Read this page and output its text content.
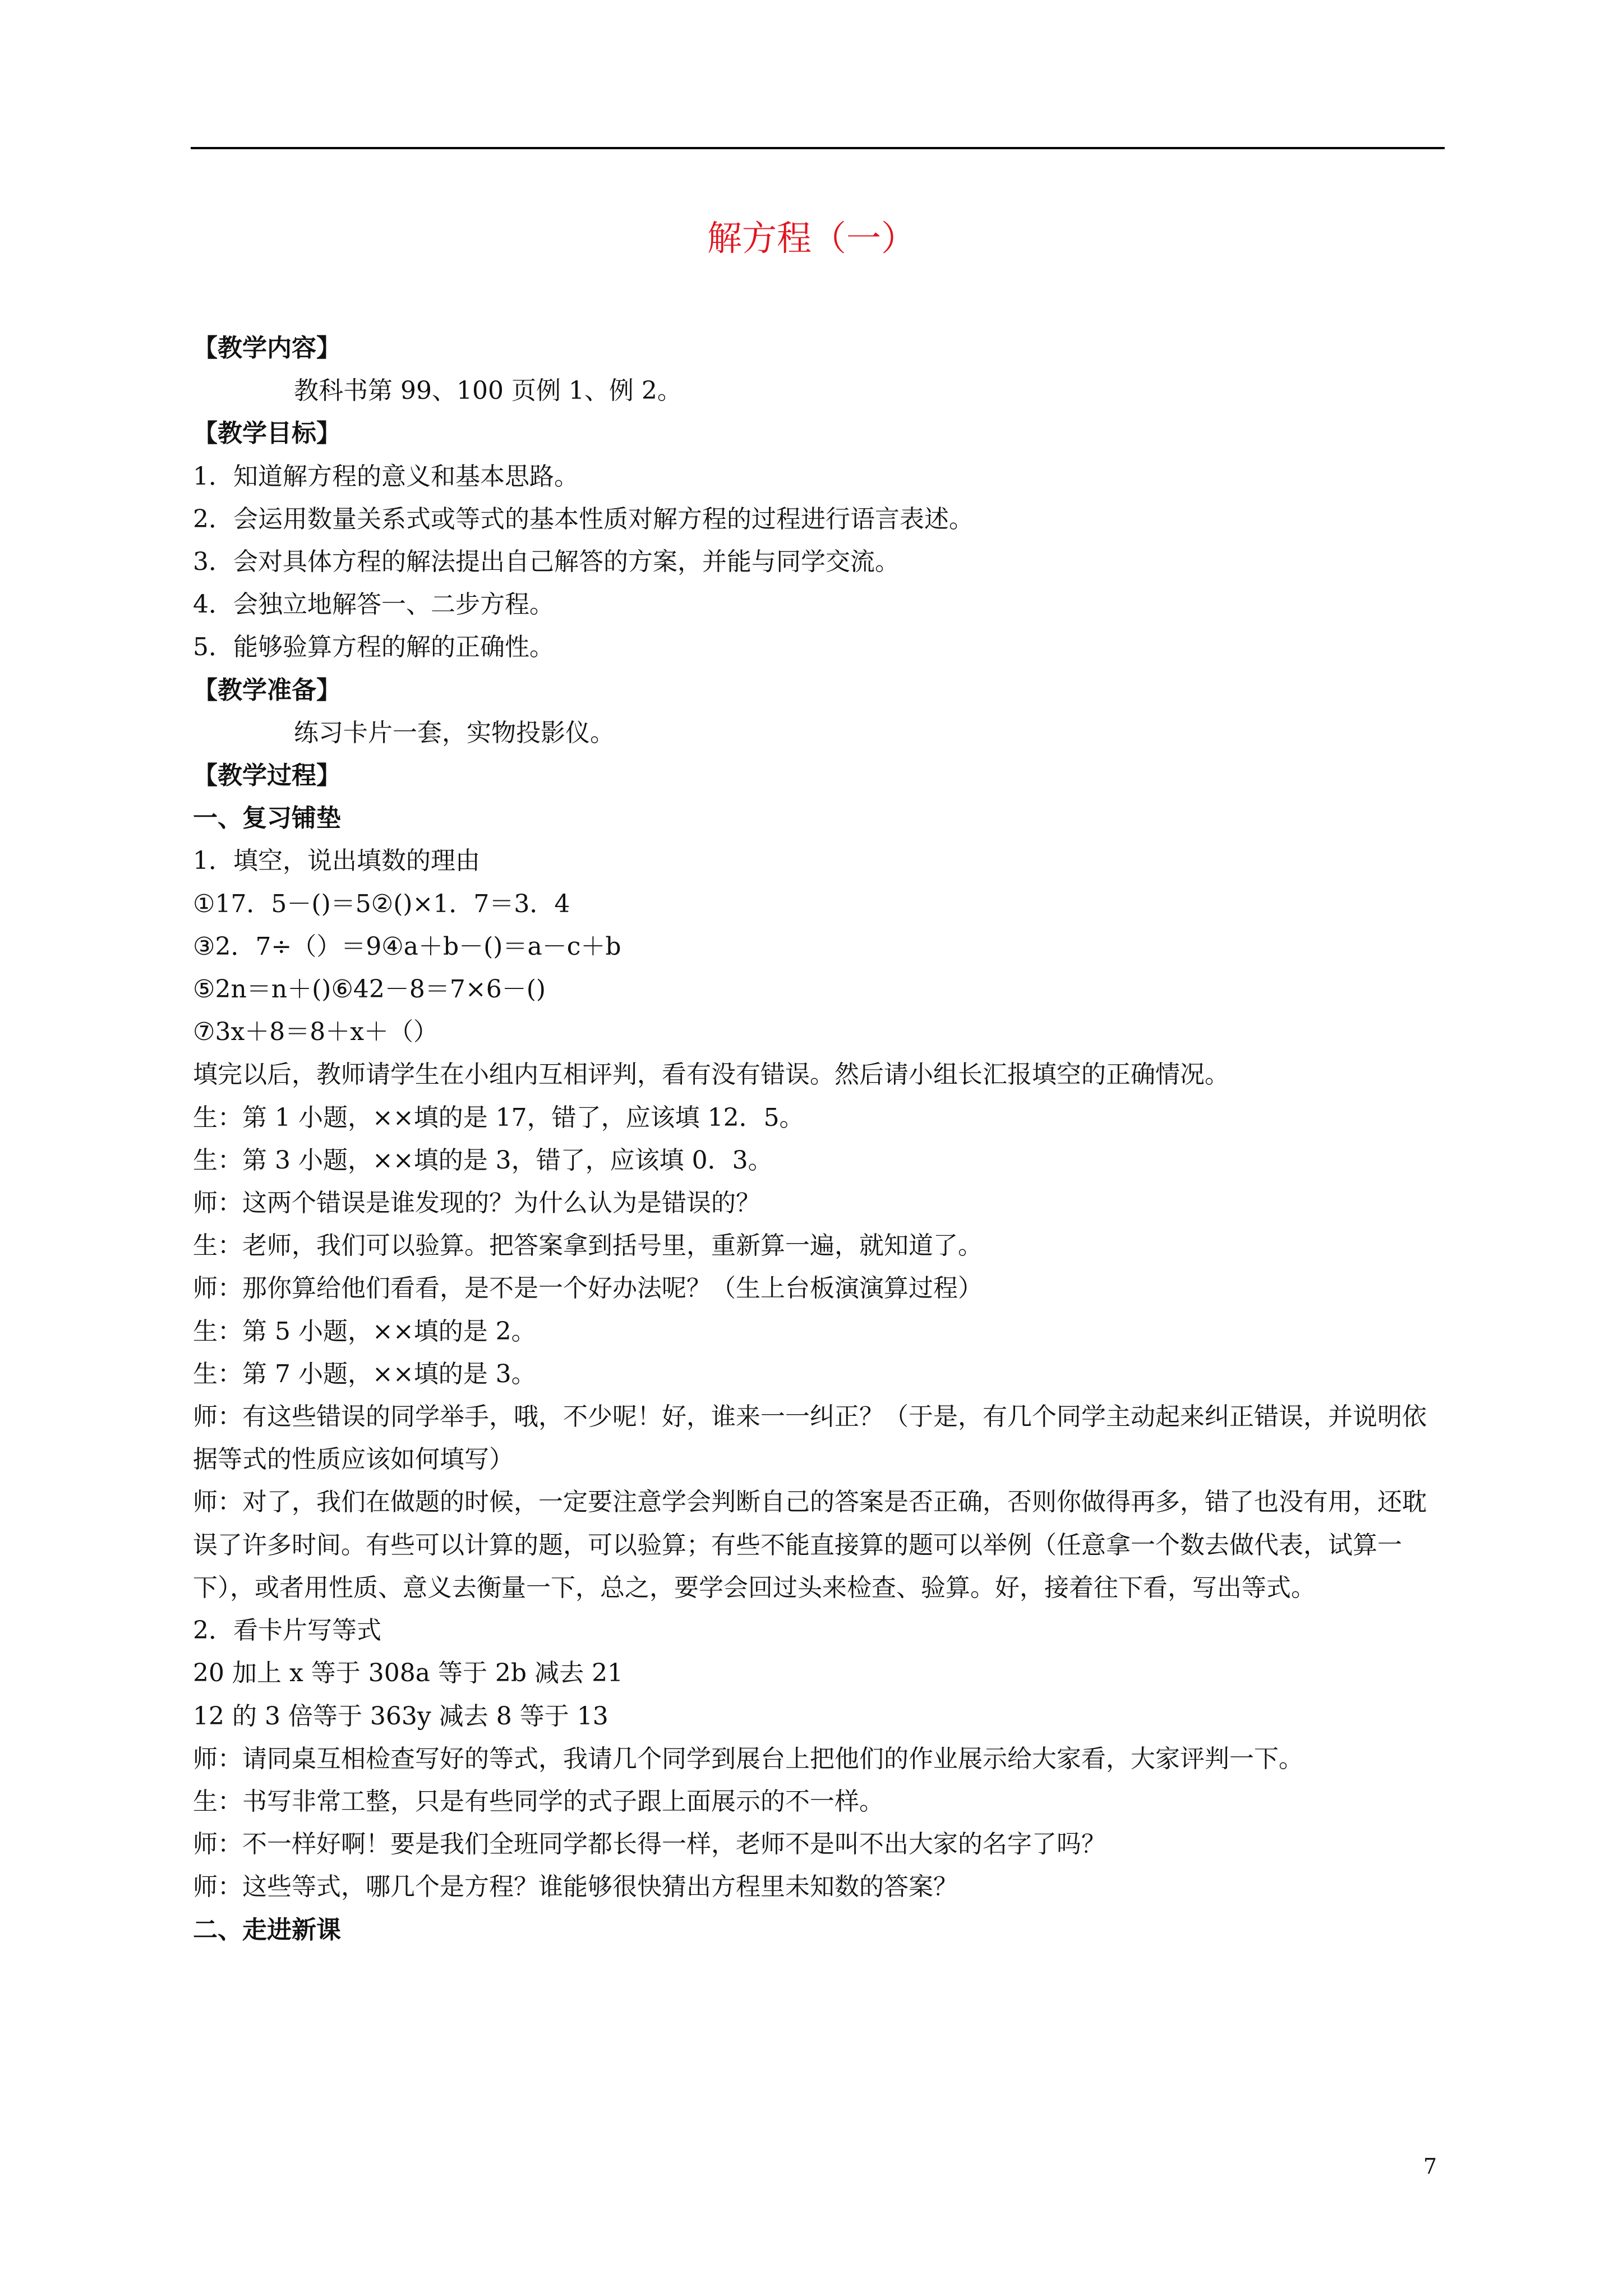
解方程（一）

【教学内容】

教科书第 99、100 页例 1、例 2。

【教学目标】

1．知道解方程的意义和基本思路。

2．会运用数量关系式或等式的基本性质对解方程的过程进行语言表述。

3．会对具体方程的解法提出自己解答的方案，并能与同学交流。

4．会独立地解答一、二步方程。

5．能够验算方程的解的正确性。

【教学准备】

练习卡片一套，实物投影仪。

【教学过程】

一、复习铺垫

1．填空，说出填数的理由

①17．5－()＝5②()×1．7＝3．4

③2．7÷（）＝9④a＋b－()＝a－c＋b

⑤2n＝n＋()⑥42－8＝7×6－()

⑦3x＋8＝8＋x＋（）

填完以后，教师请学生在小组内互相评判，看有没有错误。然后请小组长汇报填空的正确情况。

生：第 1 小题，××填的是 17，错了，应该填 12．5。

生：第 3 小题，××填的是 3，错了，应该填 0．3。

师：这两个错误是谁发现的？为什么认为是错误的？

生：老师，我们可以验算。把答案拿到括号里，重新算一遍，就知道了。

师：那你算给他们看看，是不是一个好办法呢？（生上台板演演算过程）

生：第 5 小题，××填的是 2。

生：第 7 小题，××填的是 3。

师：有这些错误的同学举手，哦，不少呢！好，谁来一一纠正？（于是，有几个同学主动起来纠正错误，并说明依据等式的性质应该如何填写）

师：对了，我们在做题的时候，一定要注意学会判断自己的答案是否正确，否则你做得再多，错了也没有用，还耽误了许多时间。有些可以计算的题，可以验算；有些不能直接算的题可以举例（任意拿一个数去做代表，试算一下），或者用性质、意义去衡量一下，总之，要学会回过头来检查、验算。好，接着往下看，写出等式。

2．看卡片写等式

20 加上 x 等于 308a 等于 2b 减去 21

12 的 3 倍等于 363y 减去 8 等于 13

师：请同桌互相检查写好的等式，我请几个同学到展台上把他们的作业展示给大家看，大家评判一下。

生：书写非常工整，只是有些同学的式子跟上面展示的不一样。

师：不一样好啊！要是我们全班同学都长得一样，老师不是叫不出大家的名字了吗？

师：这些等式，哪几个是方程？谁能够很快猜出方程里未知数的答案？

二、走进新课

7
